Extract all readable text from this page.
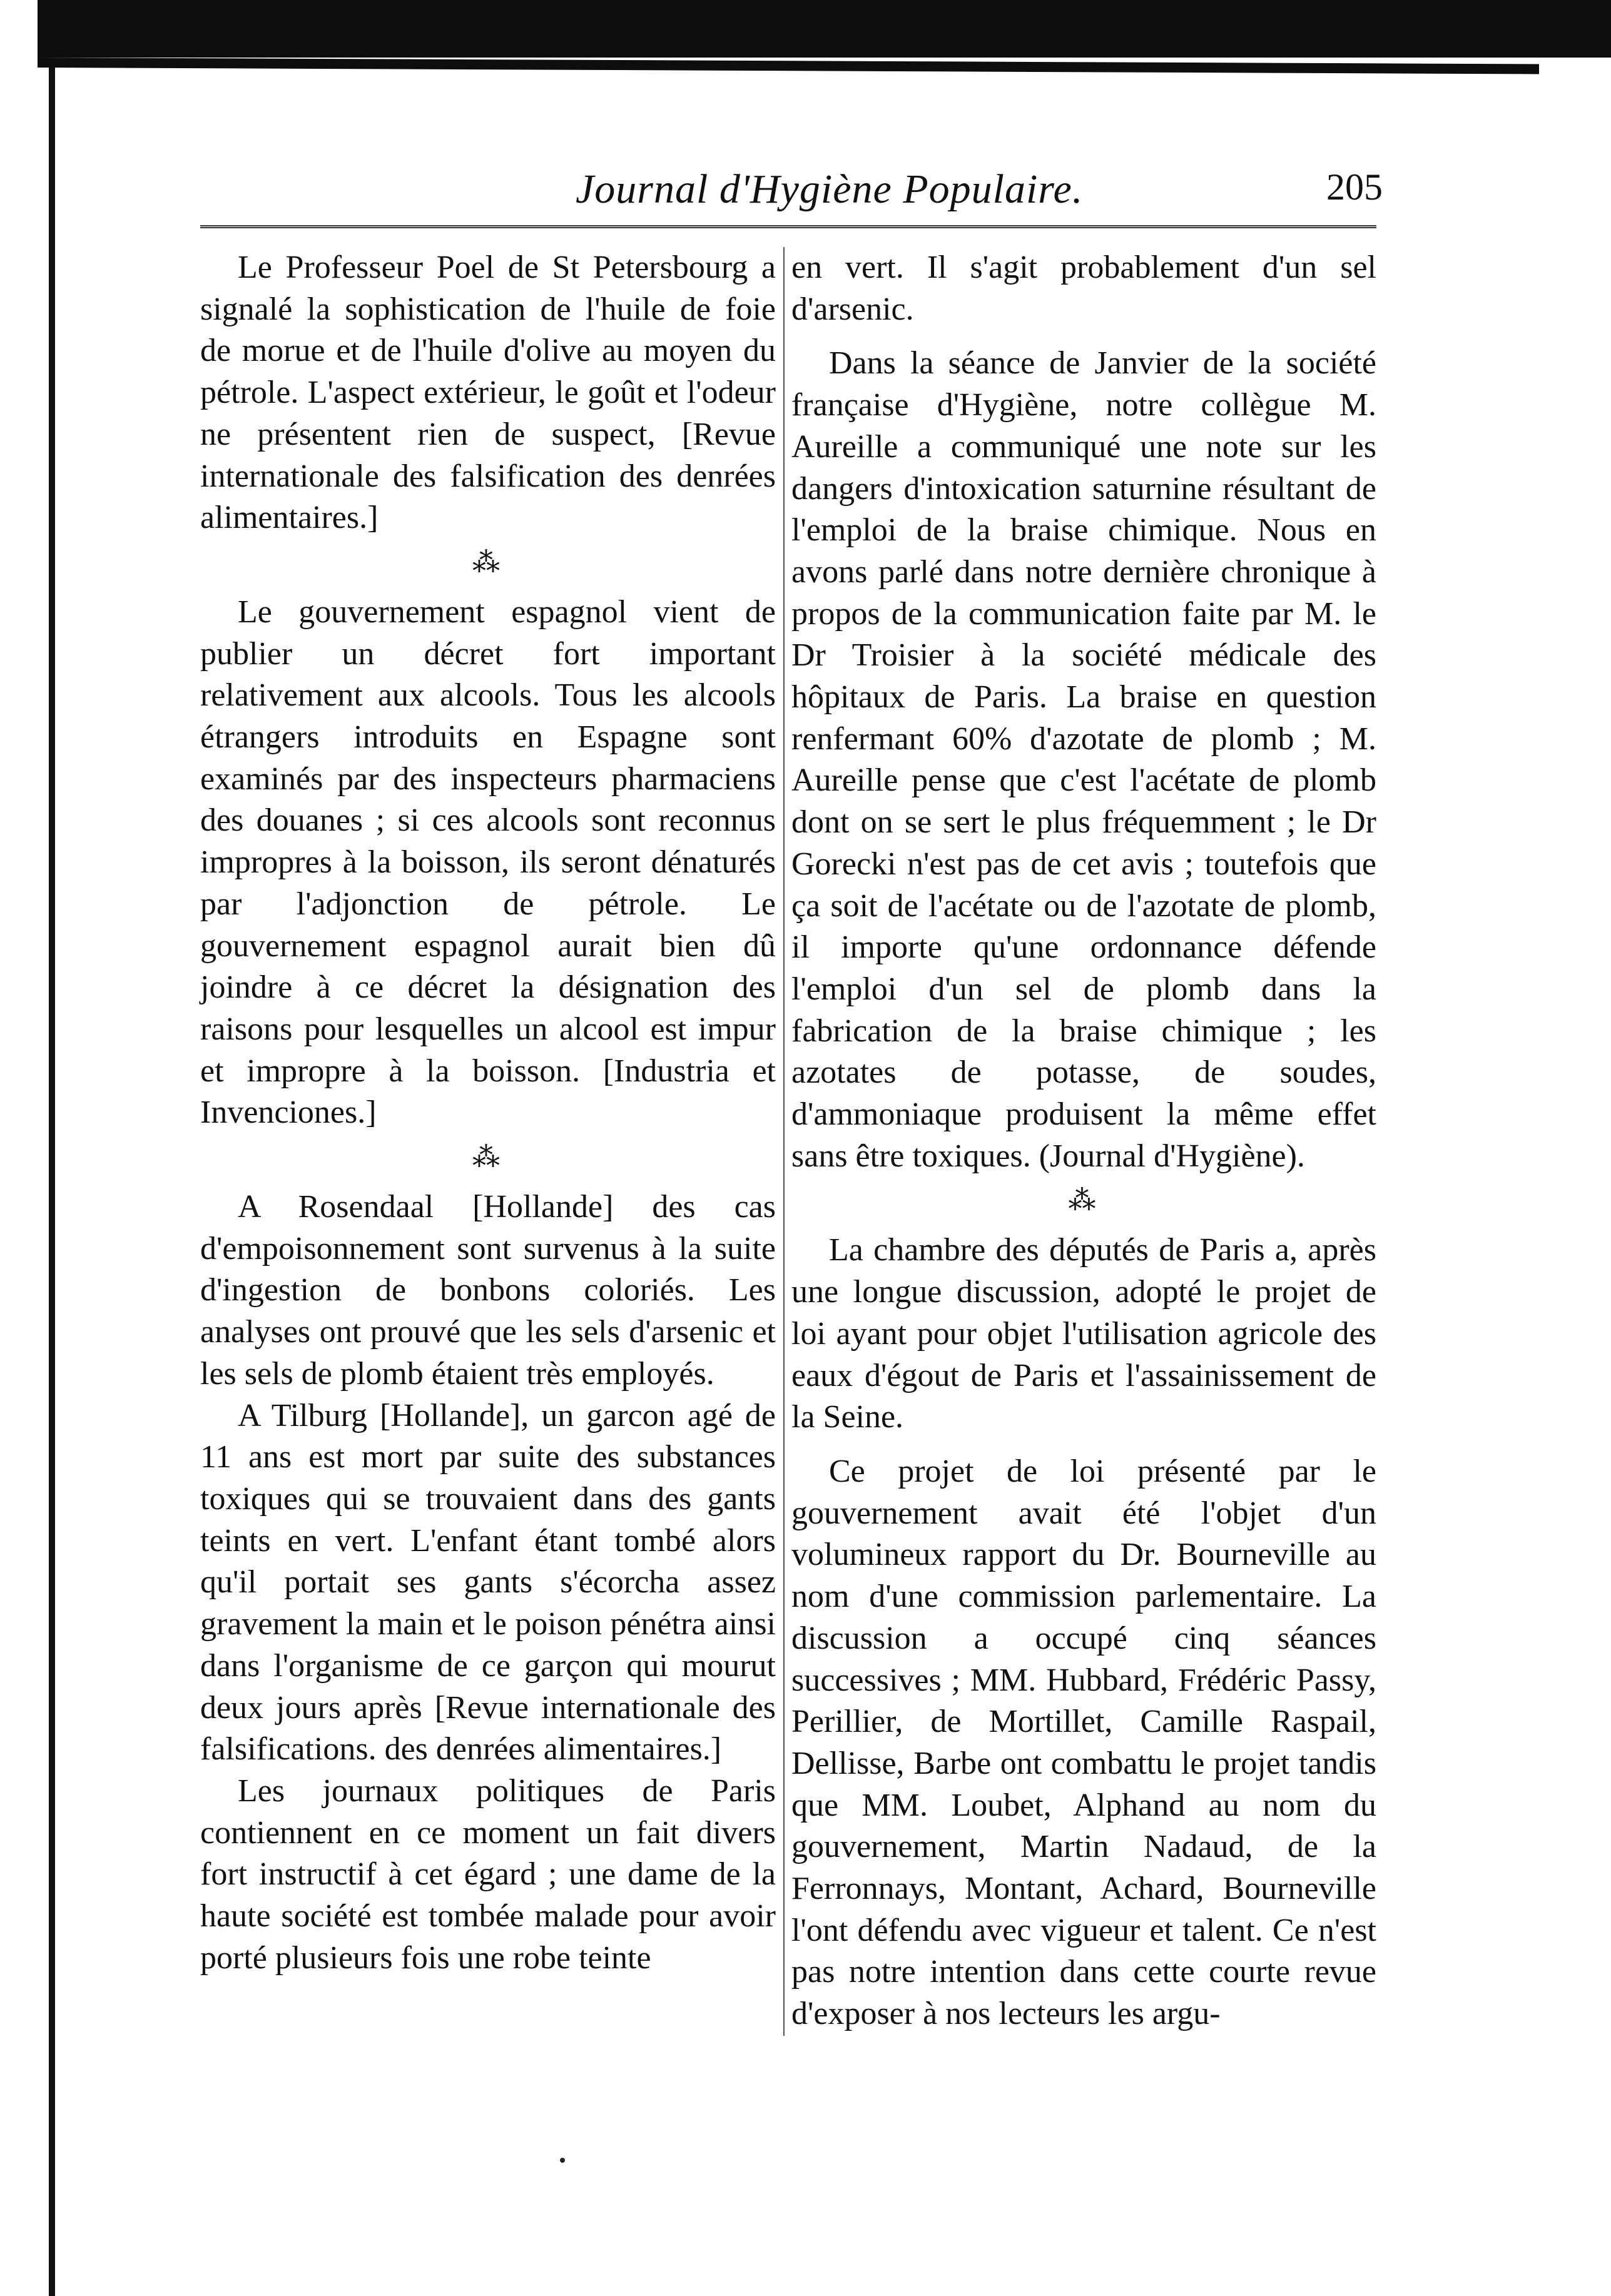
Journal d'Hygiène Populaire.	205

Le Professeur Poel de St Petersbourg a signalé la sophistication de l'huile de foie de morue et de l'huile d'olive au moyen du pétrole. L'aspect extérieur, le goût et l'odeur ne présentent rien de suspect, [Revue internationale des falsification des denrées alimentaires.]

⁂

Le gouvernement espagnol vient de publier un décret fort important relativement aux alcools. Tous les alcools étrangers introduits en Espagne sont examinés par des inspecteurs pharmaciens des douanes ; si ces alcools sont reconnus impropres à la boisson, ils seront dénaturés par l'adjonction de pétrole. Le gouvernement espagnol aurait bien dû joindre à ce décret la désignation des raisons pour lesquelles un alcool est impur et impropre à la boisson. [Industria et Invenciones.]

⁂

A Rosendaal [Hollande] des cas d'empoisonnement sont survenus à la suite d'ingestion de bonbons coloriés. Les analyses ont prouvé que les sels d'arsenic et les sels de plomb étaient très employés.

A Tilburg [Hollande], un garcon agé de 11 ans est mort par suite des substances toxiques qui se trouvaient dans des gants teints en vert. L'enfant étant tombé alors qu'il portait ses gants s'écorcha assez gravement la main et le poison pénétra ainsi dans l'organisme de ce garçon qui mourut deux jours après [Revue internationale des falsifications. des denrées alimentaires.]

Les journaux politiques de Paris contiennent en ce moment un fait divers fort instructif à cet égard ; une dame de la haute société est tombée malade pour avoir porté plusieurs fois une robe teinte

en vert. Il s'agit probablement d'un sel d'arsenic.

Dans la séance de Janvier de la société française d'Hygiène, notre collègue M. Aureille a communiqué une note sur les dangers d'intoxication saturnine résultant de l'emploi de la braise chimique. Nous en avons parlé dans notre dernière chronique à propos de la communication faite par M. le Dr Troisier à la société médicale des hôpitaux de Paris. La braise en question renfermant 60% d'azotate de plomb ; M. Aureille pense que c'est l'acétate de plomb dont on se sert le plus fréquemment ; le Dr Gorecki n'est pas de cet avis ; toutefois que ça soit de l'acétate ou de l'azotate de plomb, il importe qu'une ordonnance défende l'emploi d'un sel de plomb dans la fabrication de la braise chimique ; les azotates de potasse, de soudes, d'ammoniaque produisent la même effet sans être toxiques. (Journal d'Hygiène).

⁂

La chambre des députés de Paris a, après une longue discussion, adopté le projet de loi ayant pour objet l'utilisation agricole des eaux d'égout de Paris et l'assainissement de la Seine.

Ce projet de loi présenté par le gouvernement avait été l'objet d'un volumineux rapport du Dr. Bourneville au nom d'une commission parlementaire. La discussion a occupé cinq séances successives ; MM. Hubbard, Frédéric Passy, Perillier, de Mortillet, Camille Raspail, Dellisse, Barbe ont combattu le projet tandis que MM. Loubet, Alphand au nom du gouvernement, Martin Nadaud, de la Ferronnays, Montant, Achard, Bourneville l'ont défendu avec vigueur et talent. Ce n'est pas notre intention dans cette courte revue d'exposer à nos lecteurs les argu-
